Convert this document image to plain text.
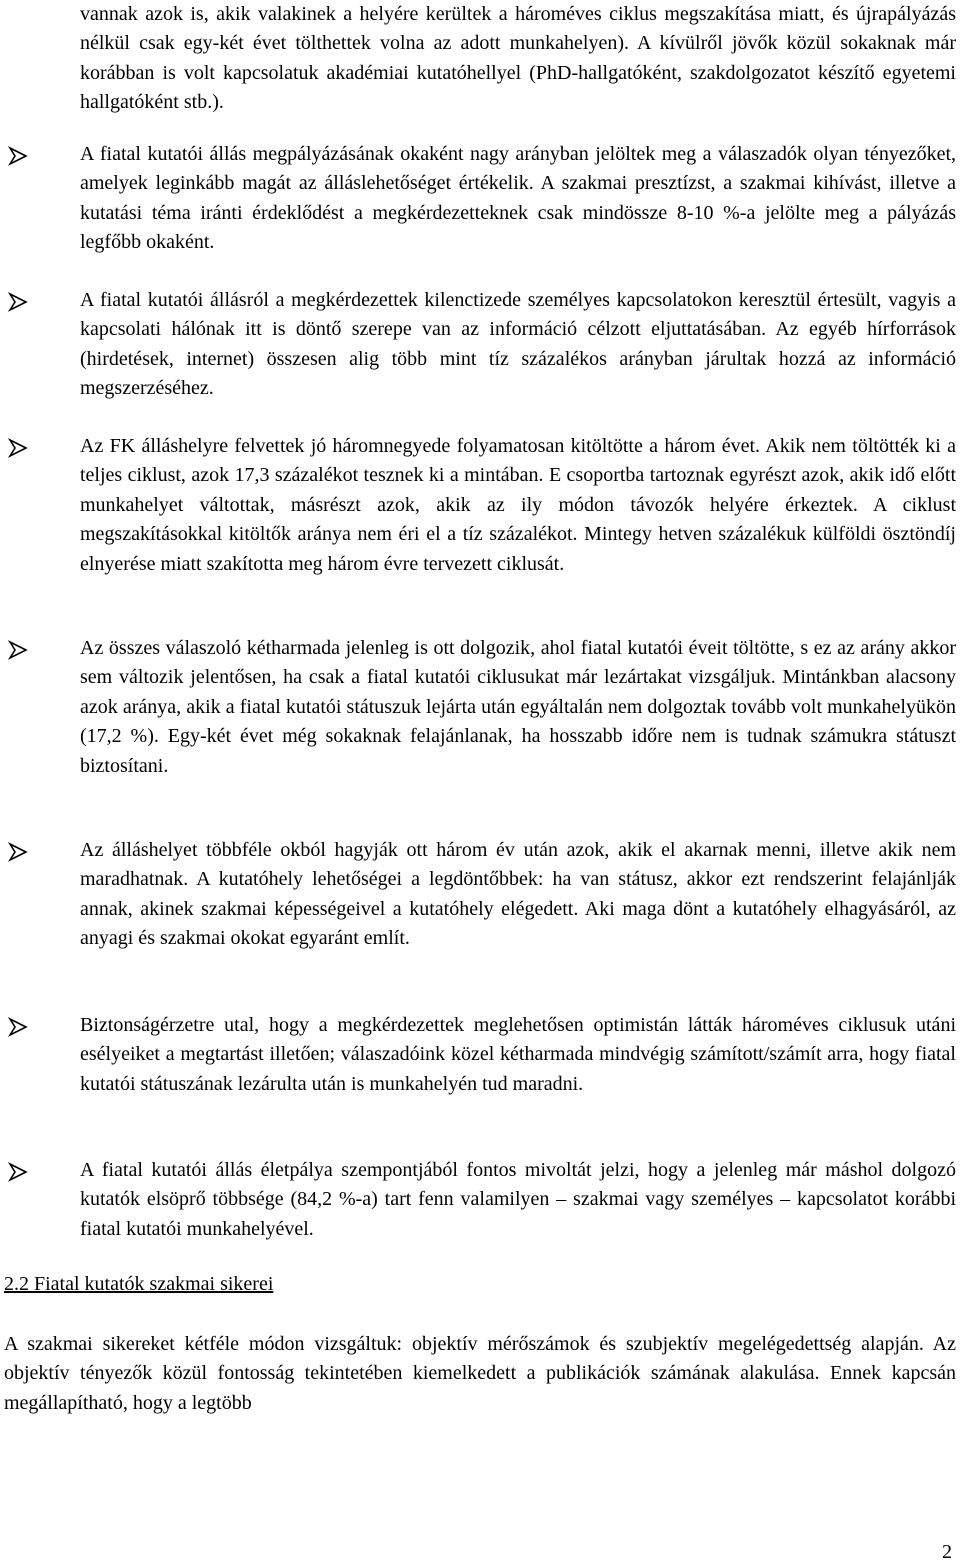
vannak azok is, akik valakinek a helyére kerültek a hároméves ciklus megszakítása miatt, és újrapályázás nélkül csak egy-két évet tölthettek volna az adott munkahelyen). A kívülről jövők közül sokaknak már korábban is volt kapcsolatuk akadémiai kutatóhellyel (PhD-hallgatóként, szakdolgozatot készítő egyetemi hallgatóként stb.).

A fiatal kutatói állás megpályázásának okaként nagy arányban jelöltek meg a válaszadók olyan tényezőket, amelyek leginkább magát az álláslehetőséget értékelik. A szakmai presztízst, a szakmai kihívást, illetve a kutatási téma iránti érdeklődést a megkérdezetteknek csak mindössze 8-10 %-a jelölte meg a pályázás legfőbb okaként.

A fiatal kutatói állásról a megkérdezettek kilenctizede személyes kapcsolatokon keresztül értesült, vagyis a kapcsolati hálónak itt is döntő szerepe van az információ célzott eljuttatásában. Az egyéb hírforrások (hirdetések, internet) összesen alig több mint tíz százalékos arányban járultak hozzá az információ megszerzéséhez.

Az FK álláshelyre felvettek jó háromnegyede folyamatosan kitöltötte a három évet. Akik nem töltötték ki a teljes ciklust, azok 17,3 százalékot tesznek ki a mintában. E csoportba tartoznak egyrészt azok, akik idő előtt munkahelyet váltottak, másrészt azok, akik az ily módon távozók helyére érkeztek. A ciklust megszakításokkal kitöltők aránya nem éri el a tíz százalékot. Mintegy hetven százalékuk külföldi ösztöndíj elnyerése miatt szakította meg három évre tervezett ciklusát.

Az összes válaszoló kétharmada jelenleg is ott dolgozik, ahol fiatal kutatói éveit töltötte, s ez az arány akkor sem változik jelentősen, ha csak a fiatal kutatói ciklusukat már lezártakat vizsgáljuk. Mintánkban alacsony azok aránya, akik a fiatal kutatói státuszuk lejárta után egyáltalán nem dolgoztak tovább volt munkahelyükön (17,2 %). Egy-két évet még sokaknak felajánlanak, ha hosszabb időre nem is tudnak számukra státuszt biztosítani.

Az álláshelyet többféle okból hagyják ott három év után azok, akik el akarnak menni, illetve akik nem maradhatnak. A kutatóhely lehetőségei a legdöntőbbek: ha van státusz, akkor ezt rendszerint felajánlják annak, akinek szakmai képességeivel a kutatóhely elégedett. Aki maga dönt a kutatóhely elhagyásáról, az anyagi és szakmai okokat egyaránt említ.

Biztonságérzetre utal, hogy a megkérdezettek meglehetősen optimistán látták hároméves ciklusuk utáni esélyeiket a megtartást illetően; válaszadóink közel kétharmada mindvégig számított/számít arra, hogy fiatal kutatói státuszának lezárulta után is munkahelyén tud maradni.

A fiatal kutatói állás életpálya szempontjából fontos mivoltát jelzi, hogy a jelenleg már máshol dolgozó kutatók elsöprő többsége (84,2 %-a) tart fenn valamilyen – szakmai vagy személyes – kapcsolatot korábbi fiatal kutatói munkahelyével.

2.2 Fiatal kutatók szakmai sikerei

A szakmai sikereket kétféle módon vizsgáltuk: objektív mérőszámok és szubjektív megelégedettség alapján. Az objektív tényezők közül fontosság tekintetében kiemelkedett a publikációk számának alakulása. Ennek kapcsán megállapítható, hogy a legtöbb

2
